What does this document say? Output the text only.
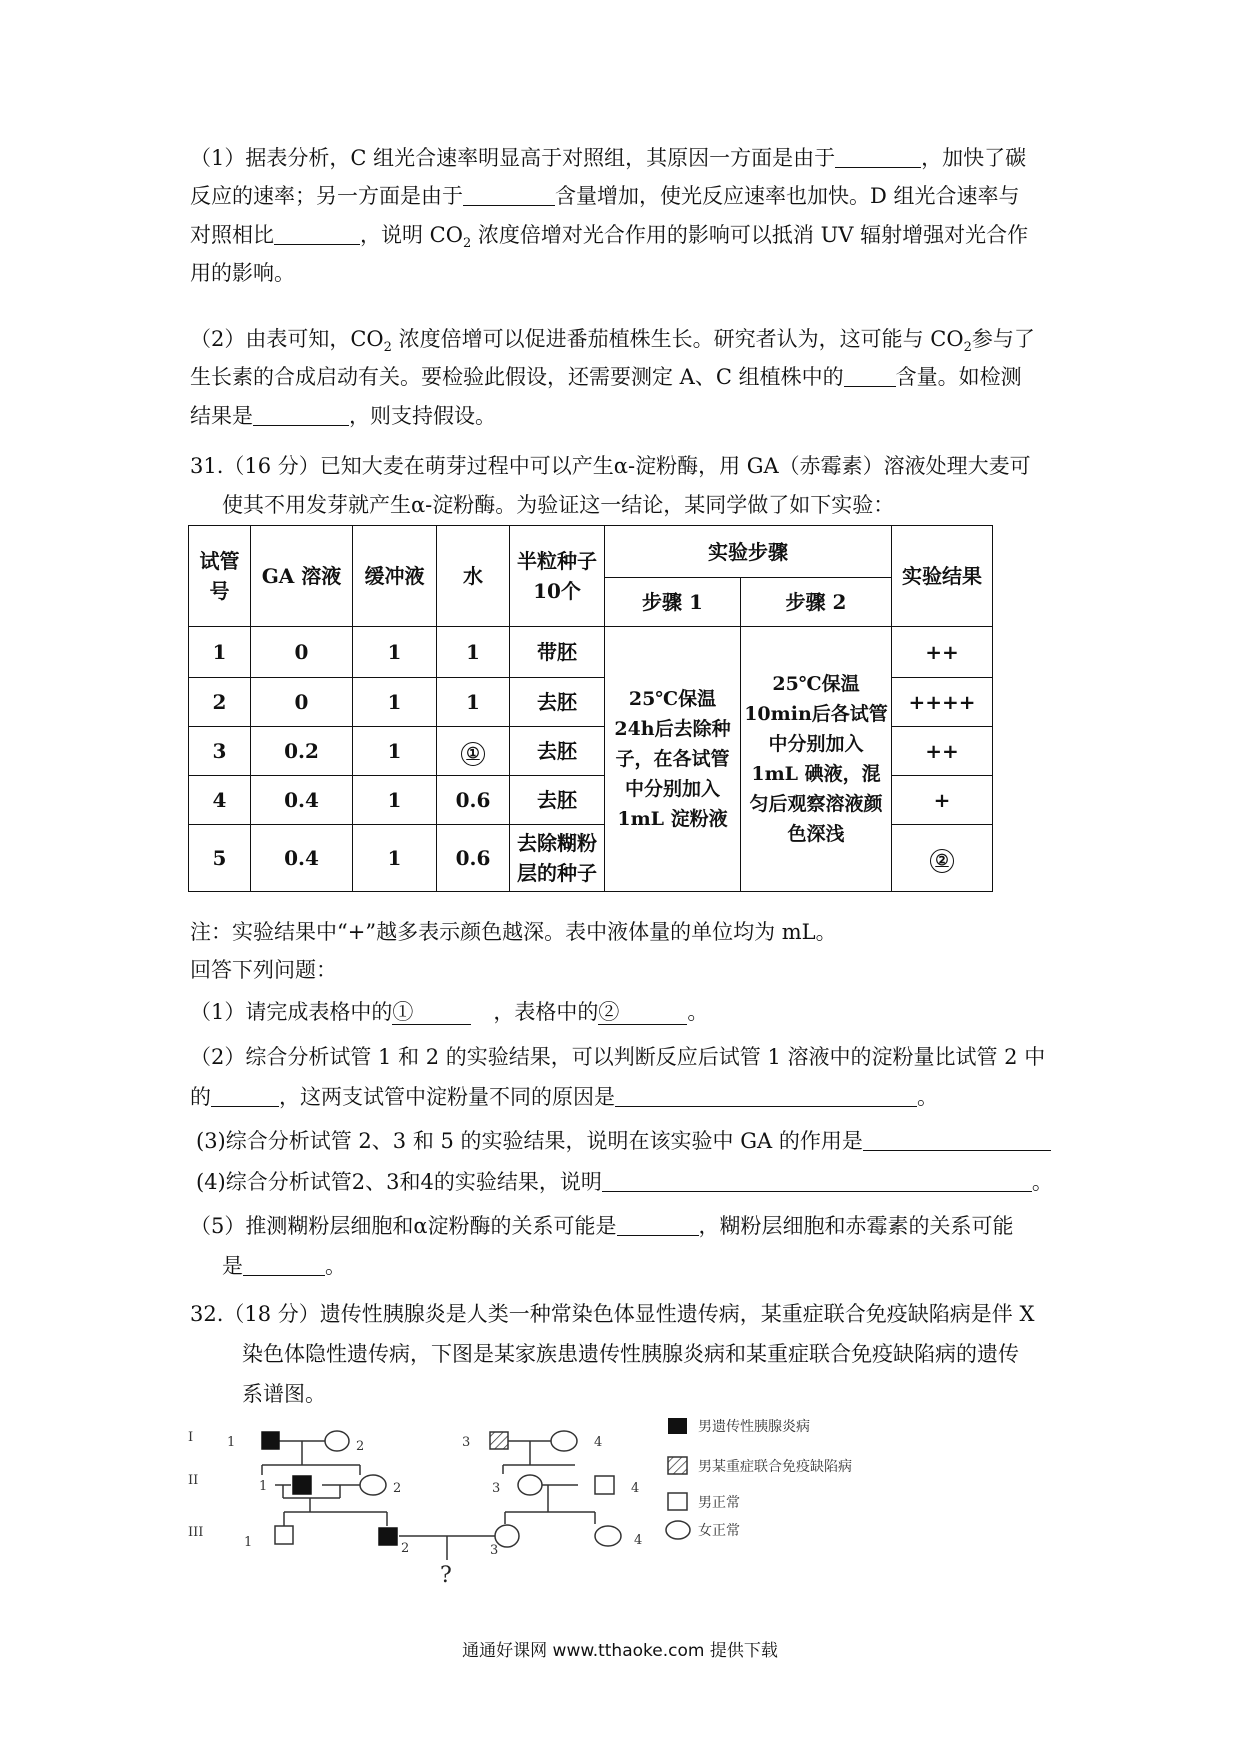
（1）据表分析，C 组光合速率明显高于对照组，其原因一方面是由于	，加快了碳
反应的速率；另一方面是由于	含量增加，使光反应速率也加快。D 组光合速率与
对照相比	，说明 $CO_2$ 浓度倍增对光合作用的影响可以抵消 UV 辐射增强对光合作
用的影响。
（2）由表可知，$CO_2$ 浓度倍增可以促进番茄植株生长。研究者认为，这可能与 $CO_2$参与了
生长素的合成启动有关。要检验此假设，还需要测定 A、C 组植株中的 含量。如检测
结果是	，则支持假设。
31.（16 分）已知大麦在萌芽过程中可以产生α-淀粉酶，用 GA（赤霉素）溶液处理大麦可
使其不用发芽就产生α-淀粉酶。为验证这一结论，某同学做了如下实验：
试管号	GA 溶液	缓冲液	水	半粒种子10个	实验步骤		实验结果
					步骤 1	步骤 2	
1	0	1	1	带胚	25℃保温 24h后去除种子，在各试管中分别加入 1mL 淀粉液	25℃保温 10min后各试管中分别加入 1mL 碘液，混匀后观察溶液颜色深浅	++
2	0	1	1	去胚			++++
3	0.2	1	①	去胚			++
4	0.4	1	0.6	去胚			+
5	0.4	1	0.6	去除糊粉层的种子			②
注：实验结果中“+”越多表示颜色越深。表中液体量的单位均为 mL。
回答下列问题：
（1）请完成表格中的①	，表格中的②	。
（2）综合分析试管 1 和 2 的实验结果，可以判断反应后试管 1 溶液中的淀粉量比试管 2 中
的	，这两支试管中淀粉量不同的原因是	。
(3)综合分析试管 2、3 和 5 的实验结果，说明在该实验中 GA 的作用是
(4)综合分析试管2、3和4的实验结果，说明	。
（5）推测糊粉层细胞和α淀粉酶的关系可能是	，糊粉层细胞和赤霉素的关系可能
是	。
32.（18 分）遗传性胰腺炎是人类一种常染色体显性遗传病，某重症联合免疫缺陷病是伴 X
染色体隐性遗传病，下图是某家族患遗传性胰腺炎病和某重症联合免疫缺陷病的遗传
系谱图。
I
II
III
1	2	3	4
1	2	3	4
1	2	3
4
?
男遗传性胰腺炎病
男某重症联合免疫缺陷病
男正常
女正常
通通好课网 www.tthaoke.com 提供下载
